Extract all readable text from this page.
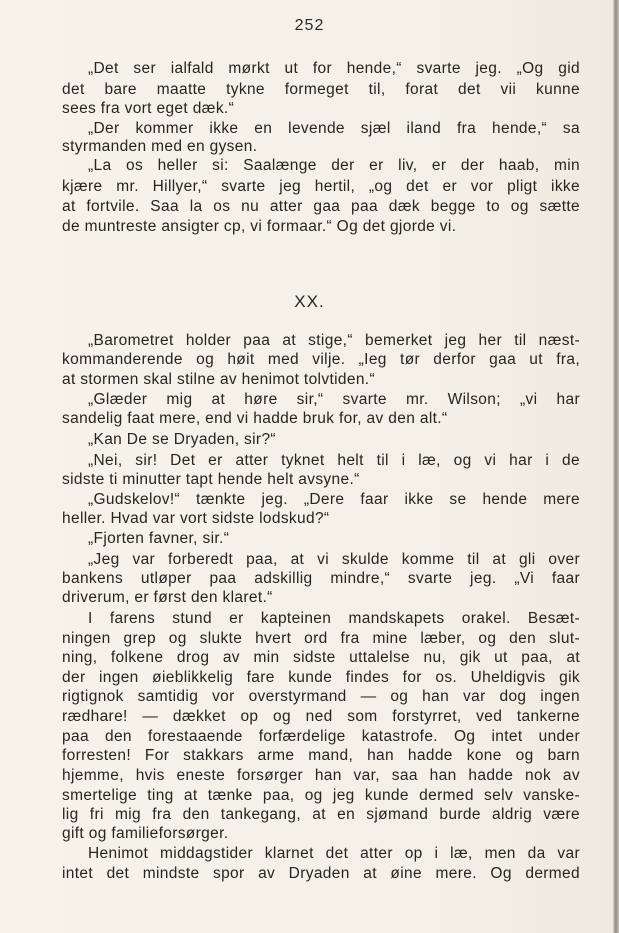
252
„Det ser ialfald mørkt ut for hende,“ svarte jeg. „Og gid
det bare maatte tykne formeget til, forat det vii kunne
sees fra vort eget dæk.“
„Der kommer ikke en levende sjæl iland fra hende,“ sa
styrmanden med en gysen.
„La os heller si: Saalænge der er liv, er der haab, min
kjære mr. Hillyer,“ svarte jeg hertil, „og det er vor pligt ikke
at fortvile. Saa la os nu atter gaa paa dæk begge to og sætte
de muntreste ansigter cp, vi formaar.“ Og det gjorde vi.
XX.
„Barometret holder paa at stige,“ bemerket jeg her til næst-
kommanderende og høit med vilje. „Ieg tør derfor gaa ut fra,
at stormen skal stilne av henimot tolvtiden.“
„Glæder mig at høre sir,“ svarte mr. Wilson; „vi har
sandelig faat mere, end vi hadde bruk for, av den alt.“
„Kan De se Dryaden, sir?“
„Nei, sir! Det er atter tyknet helt til i læ, og vi har i de
sidste ti minutter tapt hende helt avsyne.“
„Gudskelov!“ tænkte jeg. „Dere faar ikke se hende mere
heller. Hvad var vort sidste lodskud?“
„Fjorten favner, sir.“
„Jeg var forberedt paa, at vi skulde komme til at gli over
bankens utløper paa adskillig mindre,“ svarte jeg. „Vi faar
driverum, er først den klaret.“
I farens stund er kapteinen mandskapets orakel. Besæt-
ningen grep og slukte hvert ord fra mine læber, og den slut-
ning, folkene drog av min sidste uttalelse nu, gik ut paa, at
der ingen øieblikkelig fare kunde findes for os. Uheldigvis gik
rigtignok samtidig vor overstyrmand — og han var dog ingen
rædhare! — dækket op og ned som forstyrret, ved tankerne
paa den forestaaende forfærdelige katastrofe. Og intet under
forresten! For stakkars arme mand, han hadde kone og barn
hjemme, hvis eneste forsørger han var, saa han hadde nok av
smertelige ting at tænke paa, og jeg kunde dermed selv vanske-
lig fri mig fra den tankegang, at en sjømand burde aldrig være
gift og familieforsørger.
Henimot middagstider klarnet det atter op i læ, men da var
intet det mindste spor av Dryaden at øine mere. Og dermed
